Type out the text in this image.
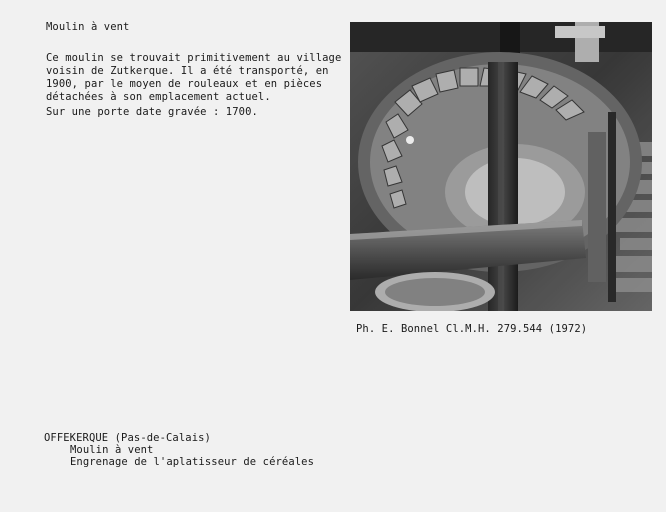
Moulin à vent
Ce moulin se trouvait primitivement au village
voisin de Zutkerque. Il a été transporté, en
1900, par le moyen de rouleaux et en pièces
détachées à son emplacement actuel.
Sur une porte date gravée : 1700.
Ph. E. Bonnel Cl.M.H. 279.544 (1972)
OFFEKERQUE (Pas-de-Calais)
Moulin à vent
Engrenage de l'aplatisseur de céréales
